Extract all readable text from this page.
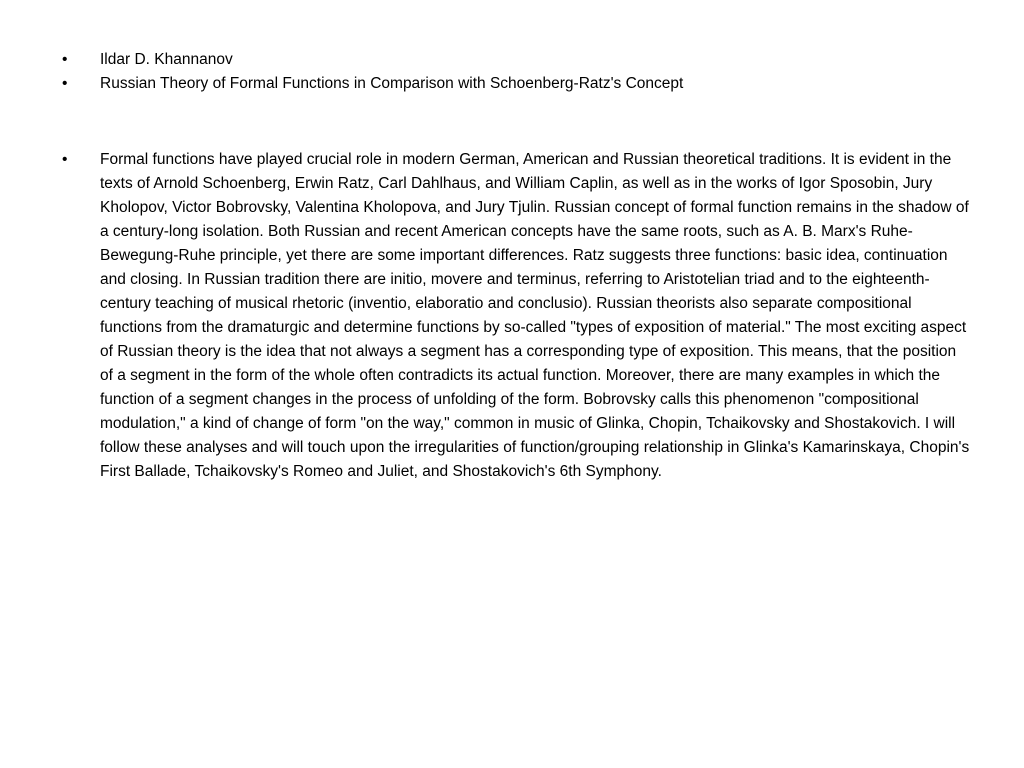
•	Ildar D. Khannanov
•	Russian Theory of Formal Functions in Comparison with Schoenberg-Ratz's Concept
•	Formal functions have played crucial role in modern German, American and Russian theoretical traditions. It is evident in the texts of Arnold Schoenberg, Erwin Ratz, Carl Dahlhaus, and William Caplin, as well as in the works of Igor Sposobin, Jury Kholopov, Victor Bobrovsky, Valentina Kholopova, and Jury Tjulin. Russian concept of formal function remains in the shadow of a century-long isolation. Both Russian and recent American concepts have the same roots, such as A. B. Marx's Ruhe-Bewegung-Ruhe principle, yet there are some important differences. Ratz suggests three functions: basic idea, continuation and closing. In Russian tradition there are initio, movere and terminus, referring to Aristotelian triad and to the eighteenth-century teaching of musical rhetoric (inventio, elaboratio and conclusio). Russian theorists also separate compositional functions from the dramaturgic and determine functions by so-called "types of exposition of material." The most exciting aspect of Russian theory is the idea that not always a segment has a corresponding type of exposition. This means, that the position of a segment in the form of the whole often contradicts its actual function. Moreover, there are many examples in which the function of a segment changes in the process of unfolding of the form. Bobrovsky calls this phenomenon "compositional modulation," a kind of change of form "on the way," common in music of Glinka, Chopin, Tchaikovsky and Shostakovich. I will follow these analyses and will touch upon the irregularities of function/grouping relationship in Glinka's Kamarinskaya, Chopin's First Ballade, Tchaikovsky's Romeo and Juliet, and Shostakovich's 6th Symphony.
